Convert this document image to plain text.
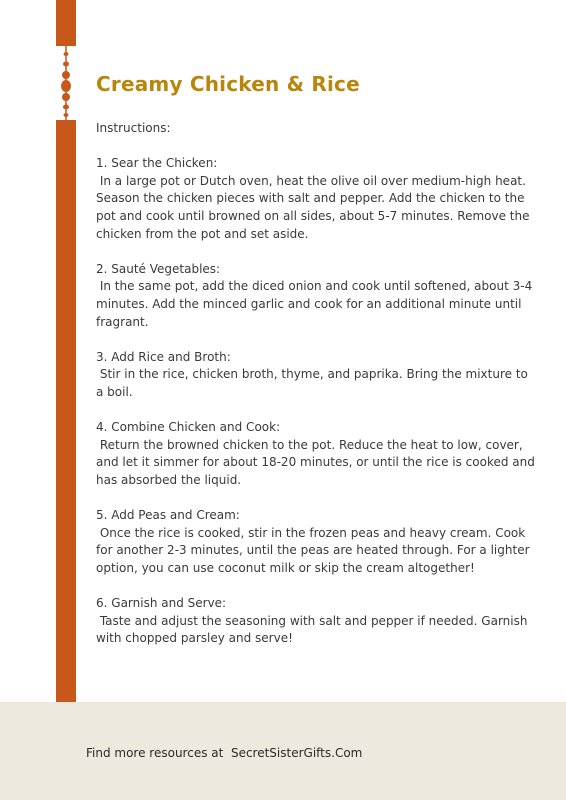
Creamy Chicken & Rice

Instructions:

1. Sear the Chicken:

In a large pot or Dutch oven, heat the olive oil over medium-high heat. Season the chicken pieces with salt and pepper. Add the chicken to the pot and cook until browned on all sides, about 5-7 minutes. Remove the chicken from the pot and set aside.

2. Sauté Vegetables:

In the same pot, add the diced onion and cook until softened, about 3-4 minutes. Add the minced garlic and cook for an additional minute until fragrant.

3. Add Rice and Broth:

Stir in the rice, chicken broth, thyme, and paprika. Bring the mixture to a boil.

4. Combine Chicken and Cook:

Return the browned chicken to the pot. Reduce the heat to low, cover, and let it simmer for about 18-20 minutes, or until the rice is cooked and has absorbed the liquid.

5. Add Peas and Cream:

Once the rice is cooked, stir in the frozen peas and heavy cream. Cook for another 2-3 minutes, until the peas are heated through. For a lighter option, you can use coconut milk or skip the cream altogether!

6. Garnish and Serve:

Taste and adjust the seasoning with salt and pepper if needed. Garnish with chopped parsley and serve!

Find more resources at  SecretSisterGifts.Com
